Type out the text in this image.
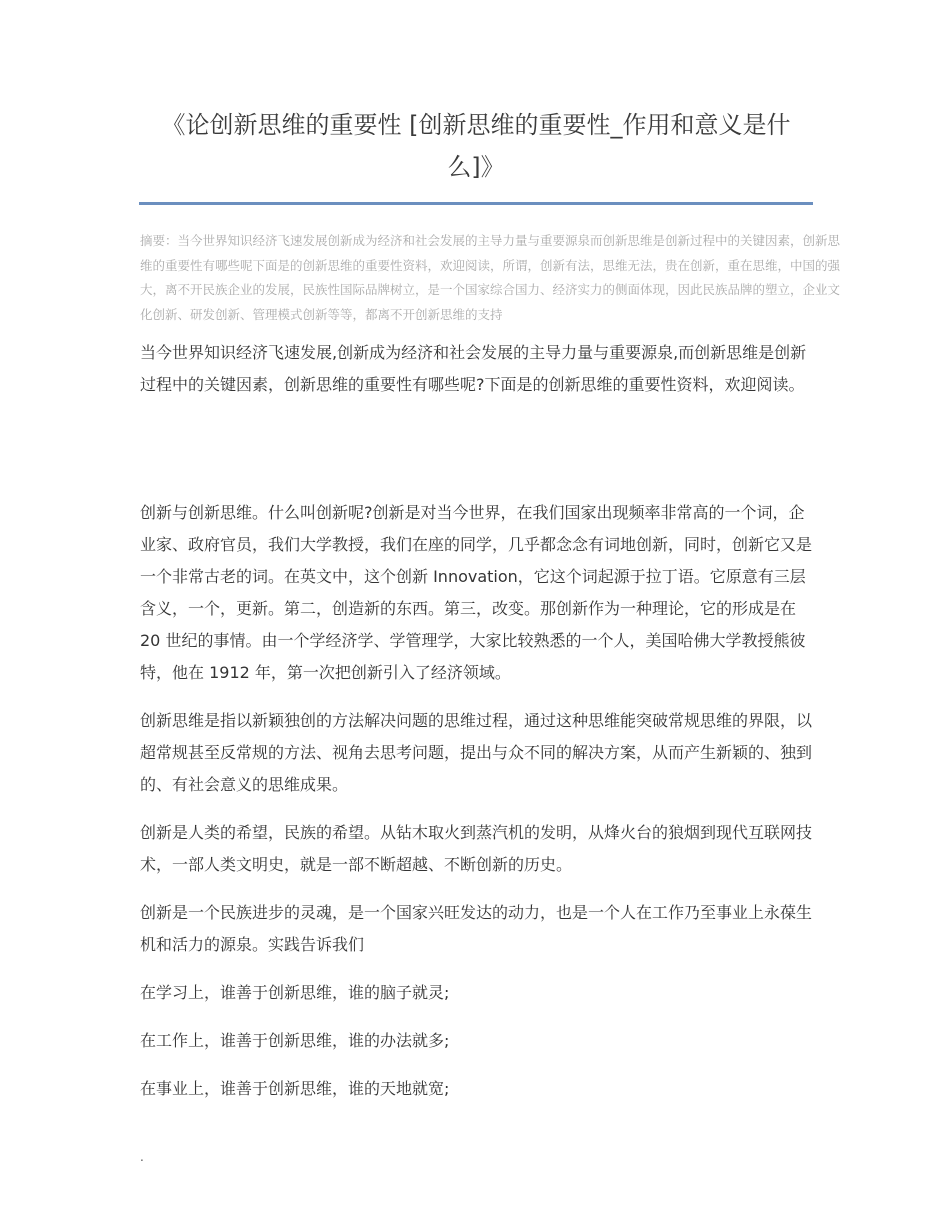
《论创新思维的重要性 [创新思维的重要性_作用和意义是什么]》

摘要：当今世界知识经济飞速发展创新成为经济和社会发展的主导力量与重要源泉而创新思维是创新过程中的关键因素，创新思维的重要性有哪些呢下面是的创新思维的重要性资料，欢迎阅读，所谓，创新有法，思维无法，贵在创新，重在思维，中国的强大，离不开民族企业的发展，民族性国际品牌树立，是一个国家综合国力、经济实力的侧面体现，因此民族品牌的塑立，企业文化创新、研发创新、管理模式创新等等，都离不开创新思维的支持

当今世界知识经济飞速发展,创新成为经济和社会发展的主导力量与重要源泉,而创新思维是创新过程中的关键因素，创新思维的重要性有哪些呢?下面是的创新思维的重要性资料，欢迎阅读。

创新与创新思维。什么叫创新呢?创新是对当今世界，在我们国家出现频率非常高的一个词，企业家、政府官员，我们大学教授，我们在座的同学，几乎都念念有词地创新，同时，创新它又是一个非常古老的词。在英文中，这个创新 Innovation，它这个词起源于拉丁语。它原意有三层含义，一个，更新。第二，创造新的东西。第三，改变。那创新作为一种理论，它的形成是在 20 世纪的事情。由一个学经济学、学管理学，大家比较熟悉的一个人，美国哈佛大学教授熊彼特，他在 1912 年，第一次把创新引入了经济领域。

创新思维是指以新颖独创的方法解决问题的思维过程，通过这种思维能突破常规思维的界限，以超常规甚至反常规的方法、视角去思考问题，提出与众不同的解决方案，从而产生新颖的、独到的、有社会意义的思维成果。

创新是人类的希望，民族的希望。从钻木取火到蒸汽机的发明，从烽火台的狼烟到现代互联网技术，一部人类文明史，就是一部不断超越、不断创新的历史。

创新是一个民族进步的灵魂，是一个国家兴旺发达的动力，也是一个人在工作乃至事业上永葆生机和活力的源泉。实践告诉我们

在学习上，谁善于创新思维，谁的脑子就灵;

在工作上，谁善于创新思维，谁的办法就多;

在事业上，谁善于创新思维，谁的天地就宽;

.
